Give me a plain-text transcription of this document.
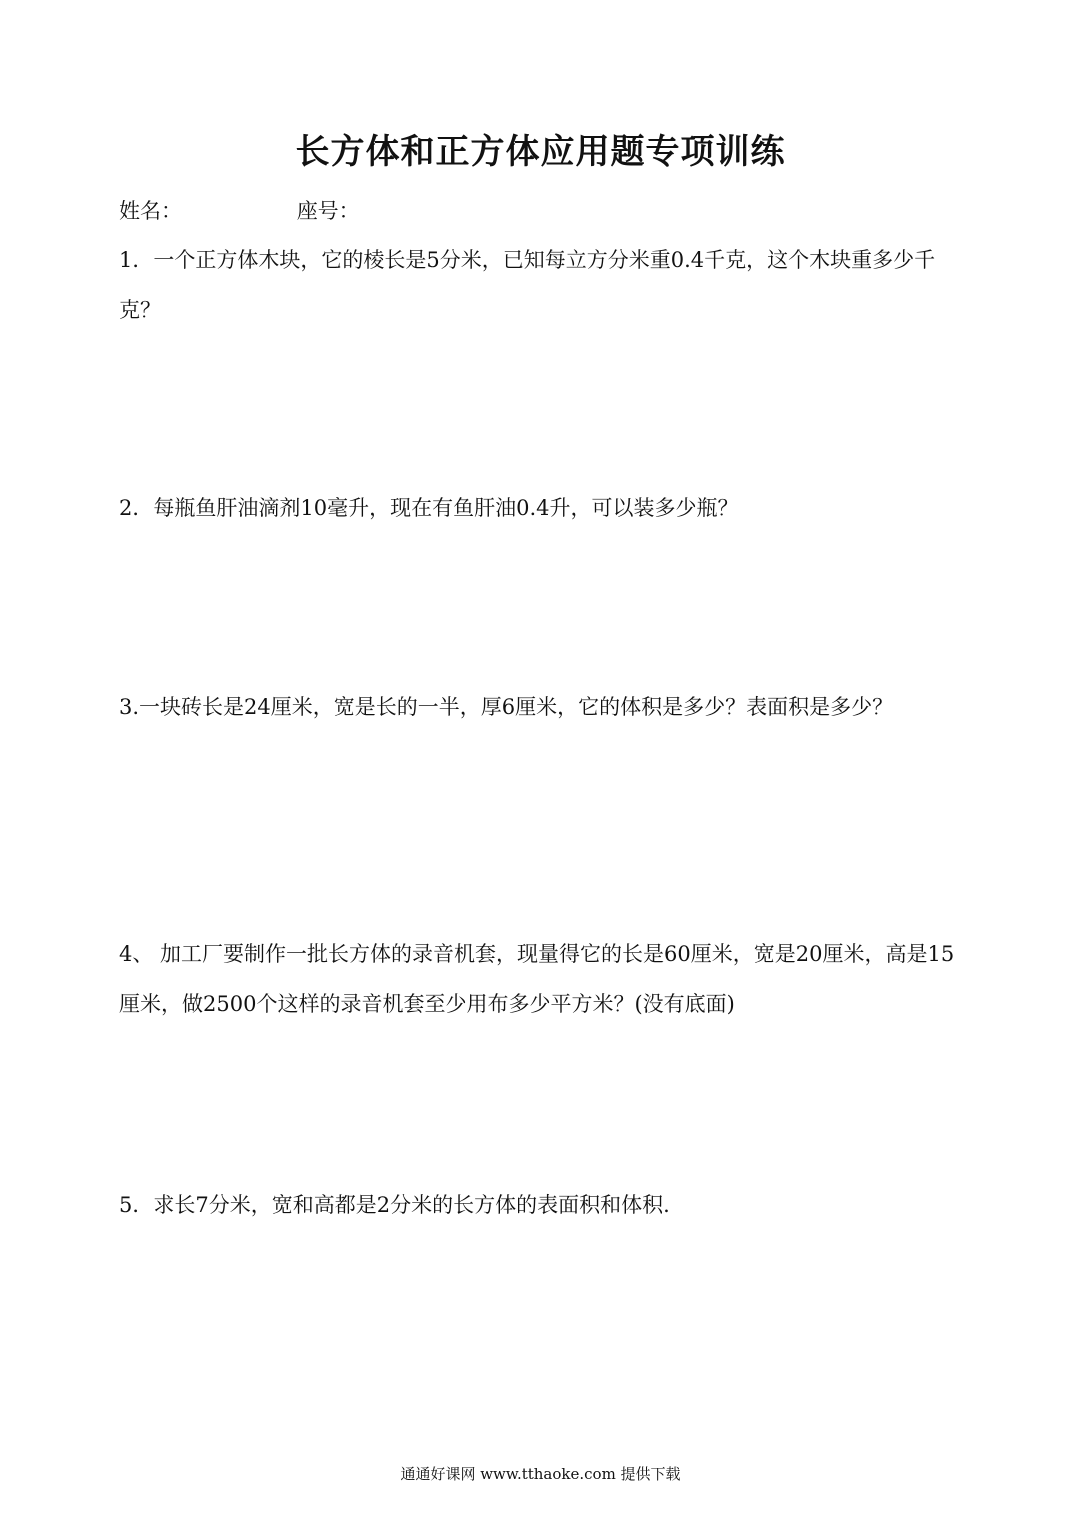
长方体和正方体应用题专项训练
姓名：	座号：
1．一个正方体木块，它的棱长是5分米，已知每立方分米重0.4千克，这个木块重多少千克？
2．每瓶鱼肝油滴剂10毫升，现在有鱼肝油0.4升，可以装多少瓶？
3.一块砖长是24厘米，宽是长的一半，厚6厘米，它的体积是多少？表面积是多少？
4、 加工厂要制作一批长方体的录音机套，现量得它的长是60厘米，宽是20厘米，高是15厘米，做2500个这样的录音机套至少用布多少平方米？(没有底面)
5．求长7分米，宽和高都是2分米的长方体的表面积和体积.
通通好课网 www.tthaoke.com 提供下载
